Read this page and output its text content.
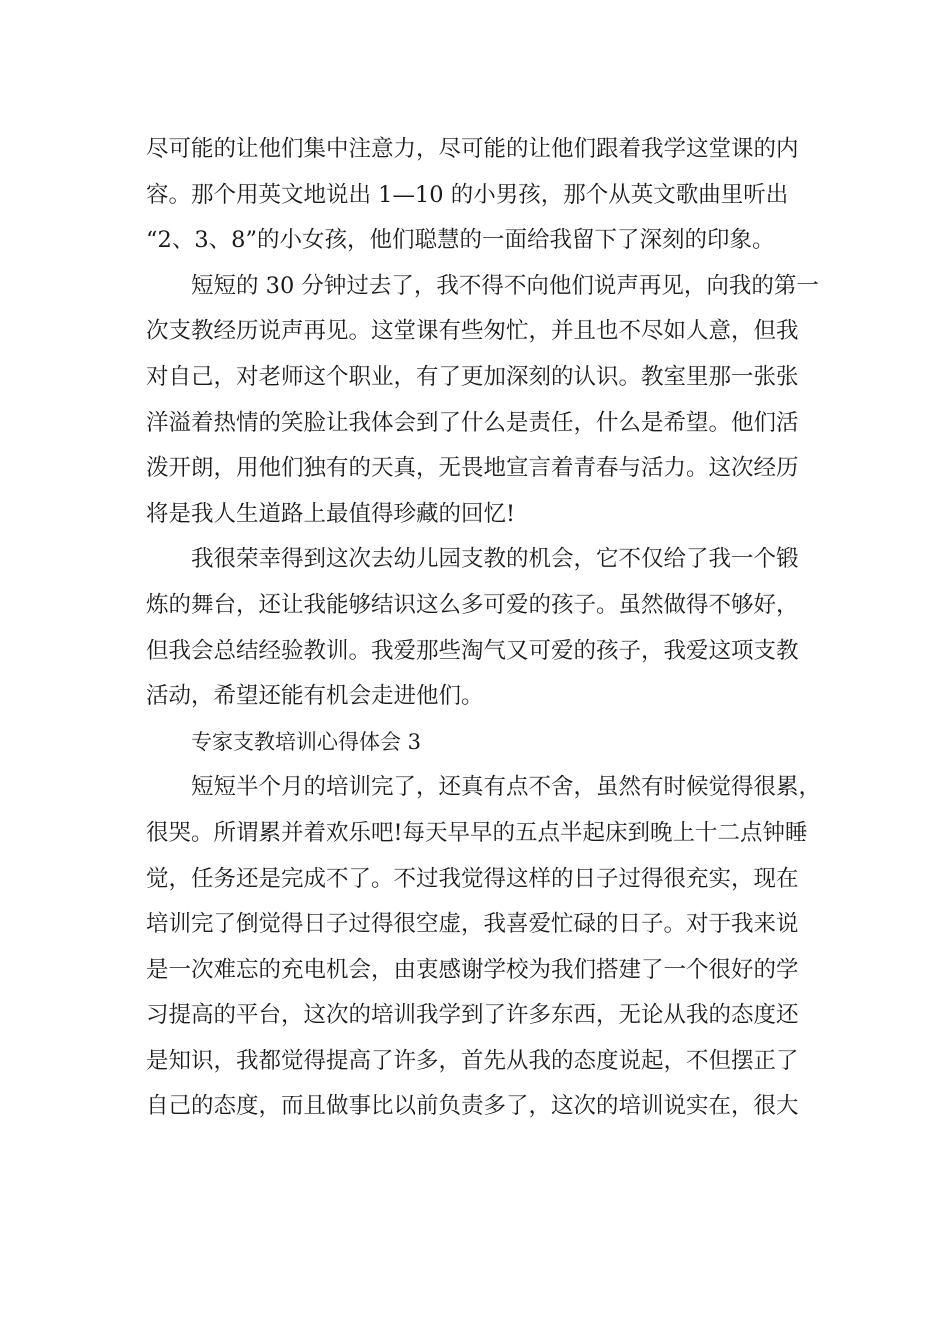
尽可能的让他们集中注意力，尽可能的让他们跟着我学这堂课的内
容。那个用英文地说出 1—10 的小男孩，那个从英文歌曲里听出
“2、3、8”的小女孩，他们聪慧的一面给我留下了深刻的印象。
短短的 30 分钟过去了，我不得不向他们说声再见，向我的第一
次支教经历说声再见。这堂课有些匆忙，并且也不尽如人意，但我
对自己，对老师这个职业，有了更加深刻的认识。教室里那一张张
洋溢着热情的笑脸让我体会到了什么是责任，什么是希望。他们活
泼开朗，用他们独有的天真，无畏地宣言着青春与活力。这次经历
将是我人生道路上最值得珍藏的回忆!
我很荣幸得到这次去幼儿园支教的机会，它不仅给了我一个锻
炼的舞台，还让我能够结识这么多可爱的孩子。虽然做得不够好，
但我会总结经验教训。我爱那些淘气又可爱的孩子，我爱这项支教
活动，希望还能有机会走进他们。
专家支教培训心得体会 3
短短半个月的培训完了，还真有点不舍，虽然有时候觉得很累，
很哭。所谓累并着欢乐吧!每天早早的五点半起床到晚上十二点钟睡
觉，任务还是完成不了。不过我觉得这样的日子过得很充实，现在
培训完了倒觉得日子过得很空虚，我喜爱忙碌的日子。对于我来说
是一次难忘的充电机会，由衷感谢学校为我们搭建了一个很好的学
习提高的平台，这次的培训我学到了许多东西，无论从我的态度还
是知识，我都觉得提高了许多，首先从我的态度说起，不但摆正了
自己的态度，而且做事比以前负责多了，这次的培训说实在，很大
